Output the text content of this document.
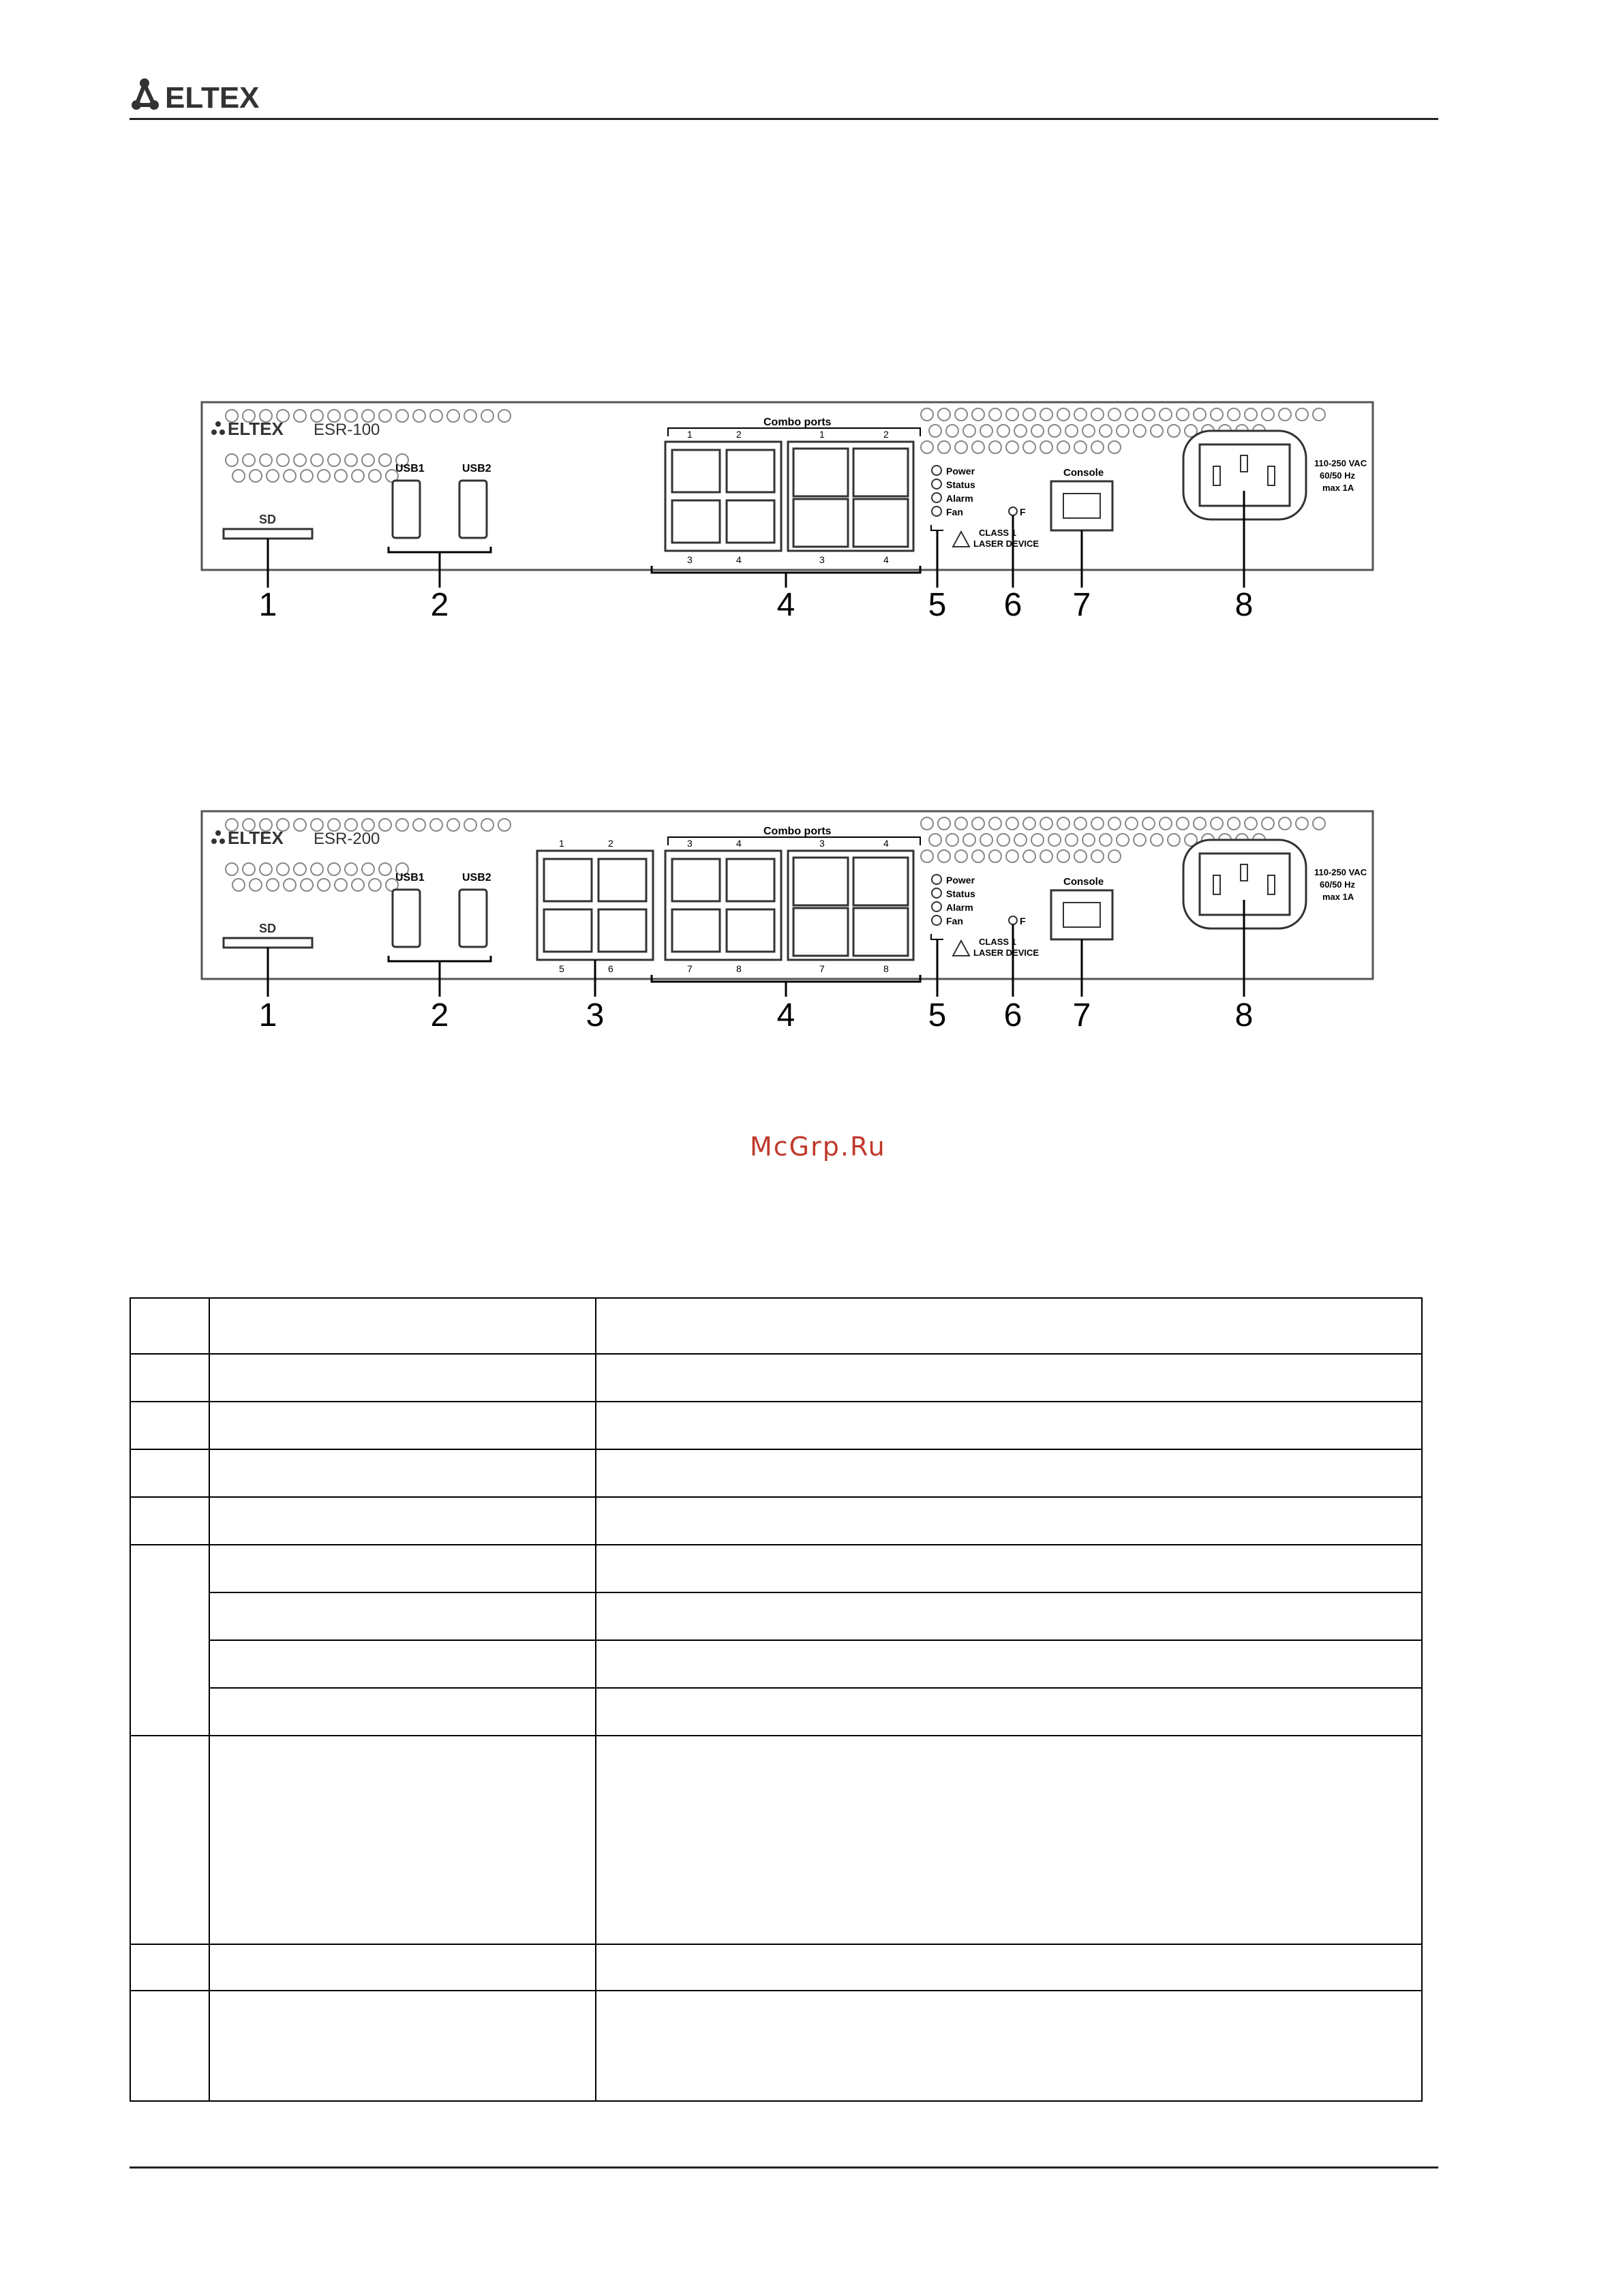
ELTEX
ELTEX ESR-100
SD
USB1	USB2
Combo ports
1	2	1	2
3	4	3	4
Power
Status
Alarm
Fan	F
CLASS 1
LASER DEVICE
Console
110-250 VAC
60/50 Hz
max 1A
1	2	4	5 6 7	8
ELTEX ESR-200
SD
USB1	USB2
1	2
5	6
Combo ports
3	4	3	4
7	8	7	8
Power
Status
Alarm
Fan	F
CLASS 1
LASER DEVICE
Console
110-250 VAC
60/50 Hz
max 1A
1	2	3	4	5 6 7	8
McGrp.Ru
